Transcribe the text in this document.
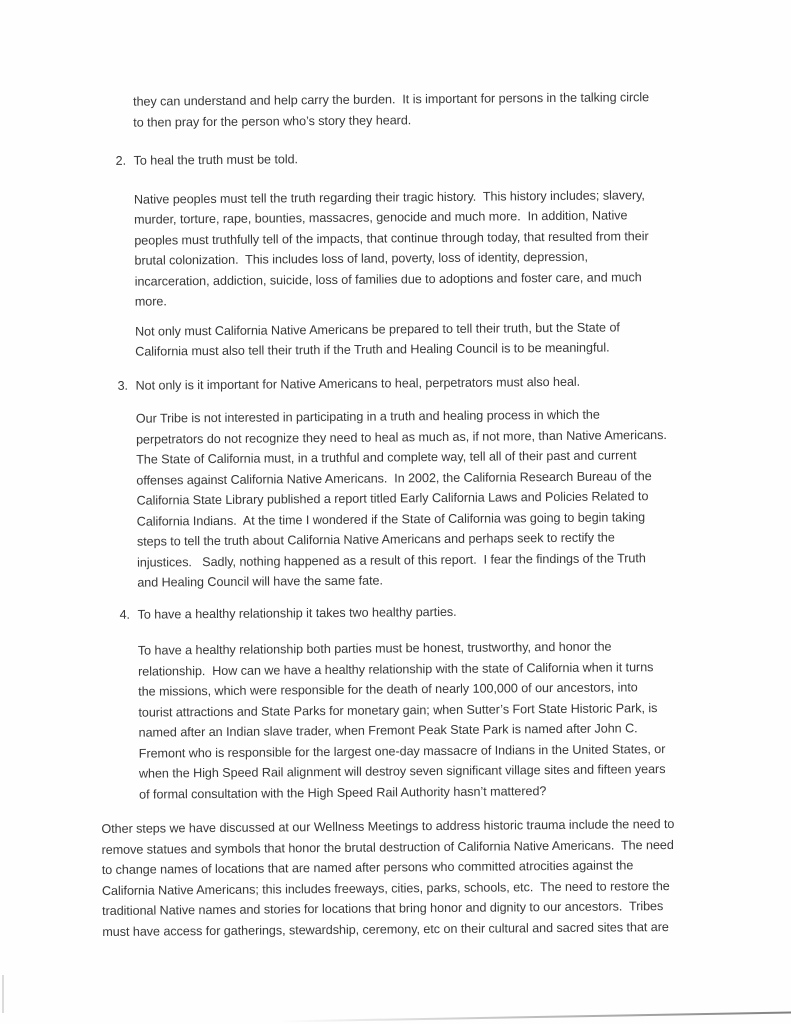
they can understand and help carry the burden.  It is important for persons in the talking circle
to then pray for the person who’s story they heard.

2. To heal the truth must be told.

Native peoples must tell the truth regarding their tragic history.  This history includes; slavery,
murder, torture, rape, bounties, massacres, genocide and much more.  In addition, Native
peoples must truthfully tell of the impacts, that continue through today, that resulted from their
brutal colonization.  This includes loss of land, poverty, loss of identity, depression,
incarceration, addiction, suicide, loss of families due to adoptions and foster care, and much
more.

Not only must California Native Americans be prepared to tell their truth, but the State of
California must also tell their truth if the Truth and Healing Council is to be meaningful.

3. Not only is it important for Native Americans to heal, perpetrators must also heal.

Our Tribe is not interested in participating in a truth and healing process in which the
perpetrators do not recognize they need to heal as much as, if not more, than Native Americans.
The State of California must, in a truthful and complete way, tell all of their past and current
offenses against California Native Americans.  In 2002, the California Research Bureau of the
California State Library published a report titled Early California Laws and Policies Related to
California Indians.  At the time I wondered if the State of California was going to begin taking
steps to tell the truth about California Native Americans and perhaps seek to rectify the
injustices.   Sadly, nothing happened as a result of this report.  I fear the findings of the Truth
and Healing Council will have the same fate.

4. To have a healthy relationship it takes two healthy parties.

To have a healthy relationship both parties must be honest, trustworthy, and honor the
relationship.  How can we have a healthy relationship with the state of California when it turns
the missions, which were responsible for the death of nearly 100,000 of our ancestors, into
tourist attractions and State Parks for monetary gain; when Sutter’s Fort State Historic Park, is
named after an Indian slave trader, when Fremont Peak State Park is named after John C.
Fremont who is responsible for the largest one-day massacre of Indians in the United States, or
when the High Speed Rail alignment will destroy seven significant village sites and fifteen years
of formal consultation with the High Speed Rail Authority hasn’t mattered?

Other steps we have discussed at our Wellness Meetings to address historic trauma include the need to
remove statues and symbols that honor the brutal destruction of California Native Americans.  The need
to change names of locations that are named after persons who committed atrocities against the
California Native Americans; this includes freeways, cities, parks, schools, etc.  The need to restore the
traditional Native names and stories for locations that bring honor and dignity to our ancestors.  Tribes
must have access for gatherings, stewardship, ceremony, etc on their cultural and sacred sites that are
